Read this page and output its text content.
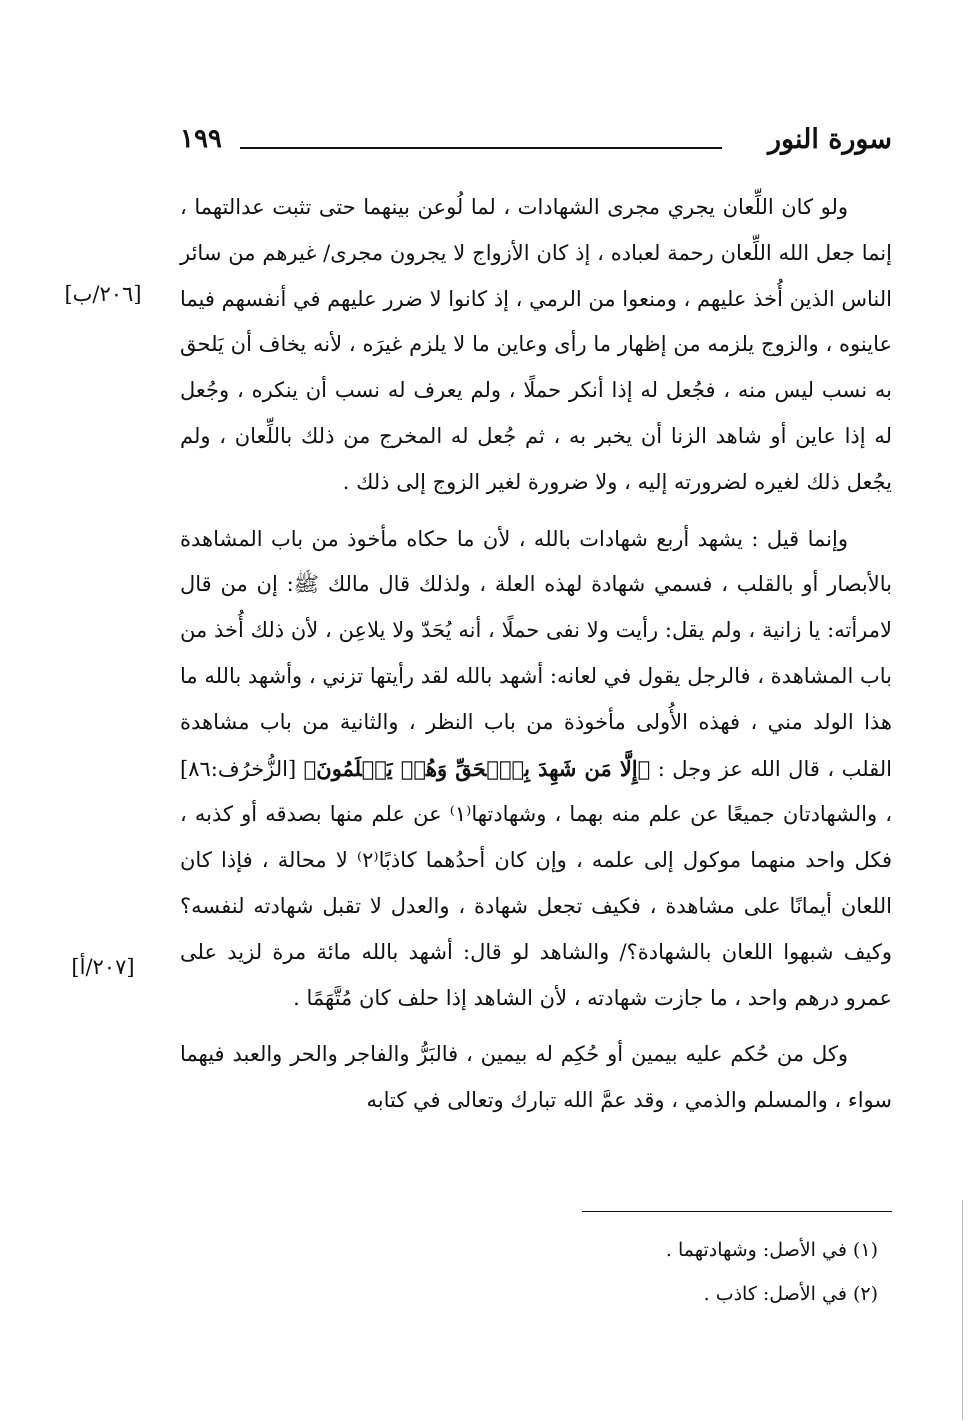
سورة النور
١٩٩
[٢٠٦/ب]
[٢٠٧/أ]

ولو كان اللِّعان يجري مجرى الشهادات ، لما لُوعن بينهما حتى تثبت عدالتهما ، إنما جعل الله اللِّعان رحمة لعباده ، إذ كان الأزواج لا يجرون مجرى/ غيرهم من سائر الناس الذين أُخذ عليهم ، ومنعوا من الرمي ، إذ كانوا لا ضرر عليهم في أنفسهم فيما عاينوه ، والزوج يلزمه من إظهار ما رأى وعاين ما لا يلزم غيرَه ، لأنه يخاف أن يَلحق به نسب ليس منه ، فجُعل له إذا أنكر حملًا ، ولم يعرف له نسب أن ينكره ، وجُعل له إذا عاين أو شاهد الزنا أن يخبر به ، ثم جُعل له المخرج من ذلك باللِّعان ، ولم يجُعل ذلك لغيره لضرورته إليه ، ولا ضرورة لغير الزوج إلى ذلك .

وإنما قيل : يشهد أربع شهادات بالله ، لأن ما حكاه مأخوذ من باب المشاهدة بالأبصار أو بالقلب ، فسمي شهادة لهذه العلة ، ولذلك قال مالك ﷺ: إن من قال لامرأته: يا زانية ، ولم يقل: رأيت ولا نفى حملًا ، أنه يُحَدّ ولا يلاعِن ، لأن ذلك أُخذ من باب المشاهدة ، فالرجل يقول في لعانه: أشهد بالله لقد رأيتها تزني ، وأشهد بالله ما هذا الولد مني ، فهذه الأُولى مأخوذة من باب النظر ، والثانية من باب مشاهدة القلب ، قال الله عز وجل : ﴿إِلَّا مَن شَهِدَ بِٱلۡحَقِّ وَهُمۡ يَعۡلَمُونَ﴾ [الزُّخرُف:٨٦] ، والشهادتان جميعًا عن علم منه بهما ، وشهادتها⁽١⁾ عن علم منها بصدقه أو كذبه ، فكل واحد منهما موكول إلى علمه ، وإن كان أحدُهما كاذبًا⁽٢⁾ لا محالة ، فإذا كان اللعان أيمانًا على مشاهدة ، فكيف تجعل شهادة ، والعدل لا تقبل شهادته لنفسه؟ وكيف شبهوا اللعان بالشهادة؟/ والشاهد لو قال: أشهد بالله مائة مرة لزيد على عمرو درهم واحد ، ما جازت شهادته ، لأن الشاهد إذا حلف كان مُتَّهَمًا .

وكل من حُكم عليه بيمين أو حُكِم له بيمين ، فالبَرُّ والفاجر والحر والعبد فيهما سواء ، والمسلم والذمي ، وقد عمَّ الله تبارك وتعالى في كتابه

(١) في الأصل: وشهادتهما .

(٢) في الأصل: كاذب .
